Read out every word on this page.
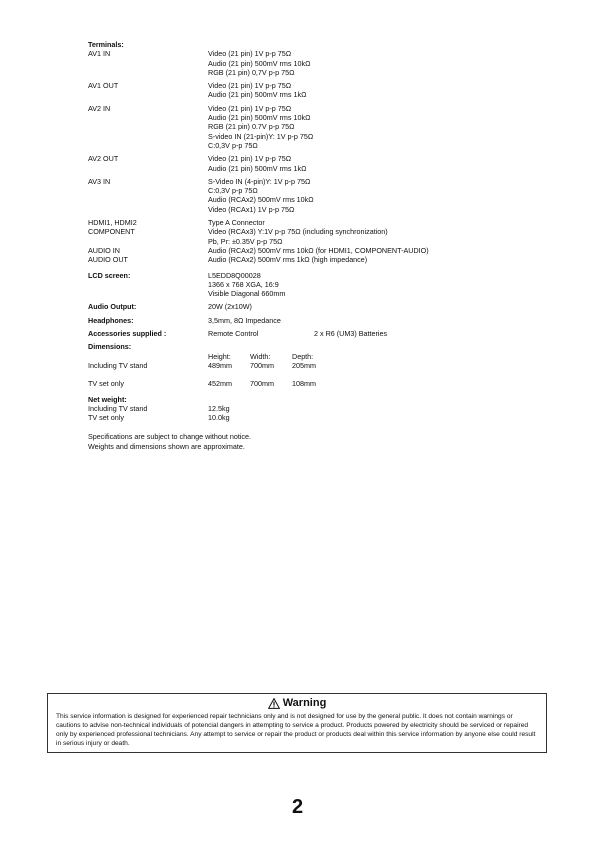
Terminals:
AV1 IN	Video (21 pin) 1V p-p 75Ω
Audio (21 pin) 500mV rms 10kΩ
RGB (21 pin) 0,7V p-p 75Ω
AV1 OUT	Video (21 pin) 1V p-p 75Ω
Audio (21 pin) 500mV rms 1kΩ
AV2 IN	Video (21 pin) 1V p-p 75Ω
Audio (21 pin) 500mV rms 10kΩ
RGB (21 pin) 0.7V p-p 75Ω
S-video IN (21-pin)Y: 1V p-p 75Ω
C:0,3V p-p 75Ω
AV2 OUT	Video (21 pin) 1V p-p 75Ω
Audio (21 pin) 500mV rms 1kΩ
AV3 IN	S-Video IN (4-pin)Y: 1V p-p 75Ω
C:0,3V p-p 75Ω
Audio (RCAx2) 500mV rms 10kΩ
Video (RCAx1) 1V p-p 75Ω
HDMI1, HDMI2	Type A Connector
COMPONENT	Video (RCAx3) Y:1V p-p 75Ω (including synchronization)
Pb, Pr: ±0.35V p-p 75Ω
AUDIO IN	Audio (RCAx2) 500mV rms 10kΩ (for HDMI1, COMPONENT-AUDIO)
AUDIO OUT	Audio (RCAx2) 500mV rms 1kΩ (high impedance)
LCD screen:	L5EDD8Q00028
1366 x 768 XGA, 16:9
Visible Diagonal 660mm
Audio Output:	20W (2x10W)
Headphones:	3,5mm, 8Ω Impedance
Accessories supplied :	Remote Control	2 x R6 (UM3) Batteries
Dimensions:
Height:	Width:	Depth:
Including TV stand	489mm	700mm	205mm
TV set only	452mm	700mm	108mm
Net weight:
Including TV stand	12.5kg
TV set only	10.0kg
Specifications are subject to change without notice.
Weights and dimensions shown are approximate.
Warning
This service information is designed for experienced repair technicians only and is not designed for use by the general public. It does not contain warnings or cautions to advise non-technical individuals of potencial dangers in attempting to service a product. Products powered by electricity should be serviced or repaired only by experienced professional technicians. Any attempt to service or repair the product or products deal within this service information by anyone else could result in serious injury or death.
2
